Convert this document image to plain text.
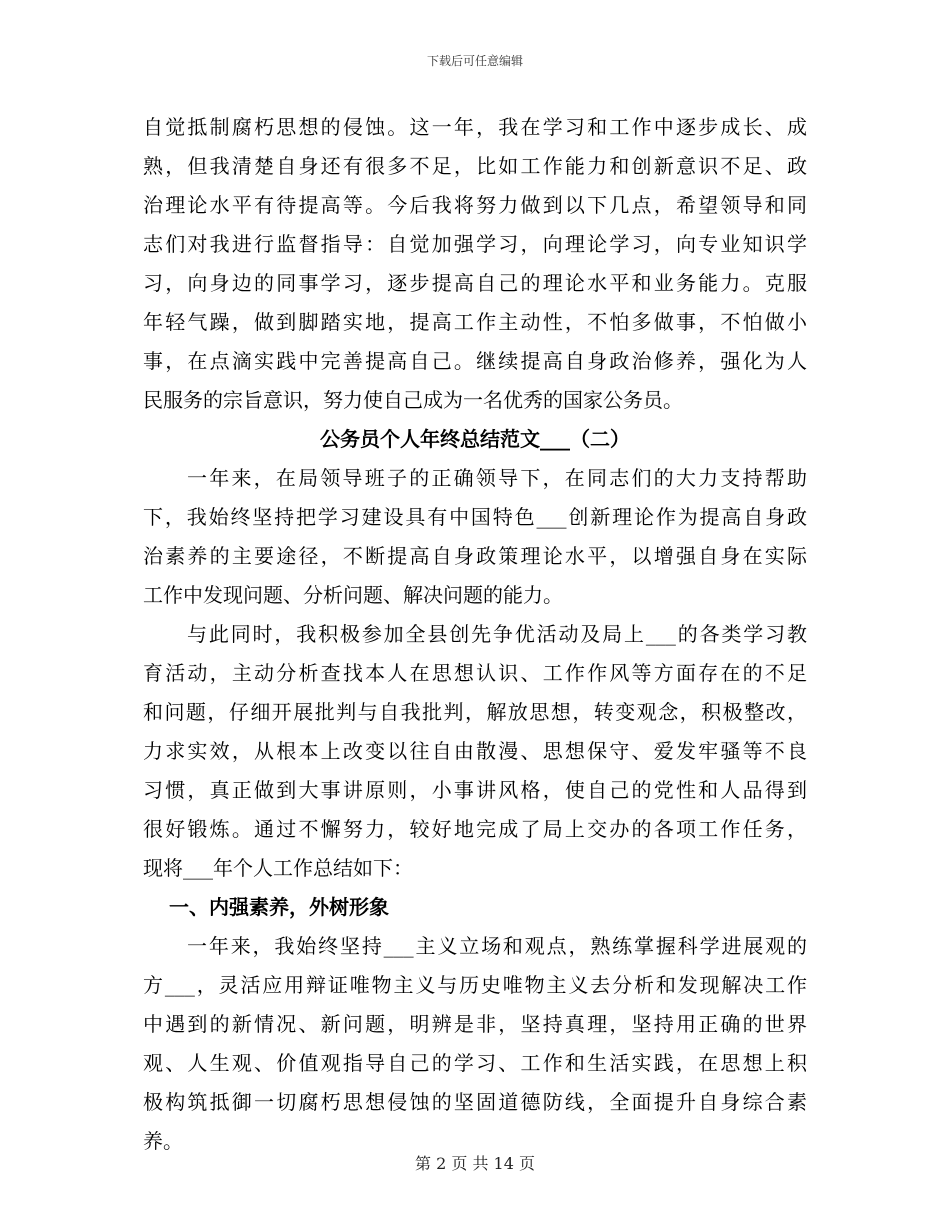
下载后可任意编辑
自觉抵制腐朽思想的侵蚀。这一年，我在学习和工作中逐步成长、成
熟，但我清楚自身还有很多不足，比如工作能力和创新意识不足、政
治理论水平有待提高等。今后我将努力做到以下几点，希望领导和同
志们对我进行监督指导：自觉加强学习，向理论学习，向专业知识学
习，向身边的同事学习，逐步提高自己的理论水平和业务能力。克服
年轻气躁，做到脚踏实地，提高工作主动性，不怕多做事，不怕做小
事，在点滴实践中完善提高自己。继续提高自身政治修养，强化为人
民服务的宗旨意识，努力使自己成为一名优秀的国家公务员。
公务员个人年终总结范文___（二）
一年来，在局领导班子的正确领导下，在同志们的大力支持帮助
下，我始终坚持把学习建设具有中国特色___创新理论作为提高自身政
治素养的主要途径，不断提高自身政策理论水平，以增强自身在实际
工作中发现问题、分析问题、解决问题的能力。
与此同时，我积极参加全县创先争优活动及局上___的各类学习教
育活动，主动分析查找本人在思想认识、工作作风等方面存在的不足
和问题，仔细开展批判与自我批判，解放思想，转变观念，积极整改，
力求实效，从根本上改变以往自由散漫、思想保守、爱发牢骚等不良
习惯，真正做到大事讲原则，小事讲风格，使自己的党性和人品得到
很好锻炼。通过不懈努力，较好地完成了局上交办的各项工作任务，
现将___年个人工作总结如下：
一、内强素养，外树形象
一年来，我始终坚持___主义立场和观点，熟练掌握科学进展观的
方___，灵活应用辩证唯物主义与历史唯物主义去分析和发现解决工作
中遇到的新情况、新问题，明辨是非，坚持真理，坚持用正确的世界
观、人生观、价值观指导自己的学习、工作和生活实践，在思想上积
极构筑抵御一切腐朽思想侵蚀的坚固道德防线，全面提升自身综合素
养。
第 2 页 共 14 页
